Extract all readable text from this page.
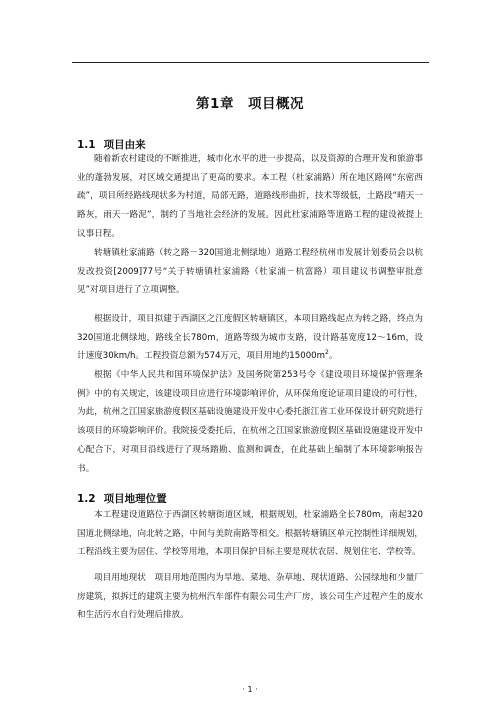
第1章　项目概况
1.1 项目由来

随着新农村建设的不断推进，城市化水平的进一步提高，以及资源的合理开发和旅游事业的蓬勃发展，对区域交通提出了更高的要求。本工程（杜家浦路）所在地区路网“东密西疏”，项目所经路线现状多为村道，局部无路，道路线形曲折，技术等级低，土路段“晴天一路灰，雨天一路泥”，制约了当地社会经济的发展。因此杜家浦路等道路工程的建设被提上议事日程。

转塘镇杜家浦路（转之路－320国道北侧绿地）道路工程经杭州市发展计划委员会以杭发改投资[2009]77号“关于转塘镇杜家浦路（杜家浦－杭富路）项目建议书调整审批意见”对项目进行了立项调整。

根据设计，项目拟建于西湖区之江度假区转塘镇区，本项目路线起点为转之路，终点为320国道北侧绿地，路线全长780m，道路等级为城市支路，设计路基宽度12～16m，设计速度30km/h。工程投资总额为574万元，项目用地约$15000m^2$。

根据《中华人民共和国环境保护法》及国务院第253号令《建设项目环境保护管理条例》中的有关规定，该建设项目应进行环境影响评价，从环保角度论证项目建设的可行性，为此，杭州之江国家旅游度假区基础设施建设开发中心委托浙江省工业环保设计研究院进行该项目的环境影响评价。我院接受委托后，在杭州之江国家旅游度假区基础设施建设开发中心配合下，对项目沿线进行了现场踏勘、监测和调查，在此基础上编制了本环境影响报告书。

1.2 项目地理位置

本工程建设道路位于西湖区转塘街道区域，根据规划，杜家浦路全长780m，南起320国道北侧绿地，向北转之路，中间与美院南路等相交。根据转塘镇区单元控制性详细规划，工程沿线主要为居住、学校等用地，本项目保护目标主要是现状农居、规划住宅、学校等。

项目用地现状　项目用地范围内为旱地、菜地、杂草地、现状道路、公园绿地和少量厂房建筑，拟拆迁的建筑主要为杭州汽车部件有限公司生产厂房，该公司生产过程产生的废水和生活污水自行处理后排放。

· 1 ·
